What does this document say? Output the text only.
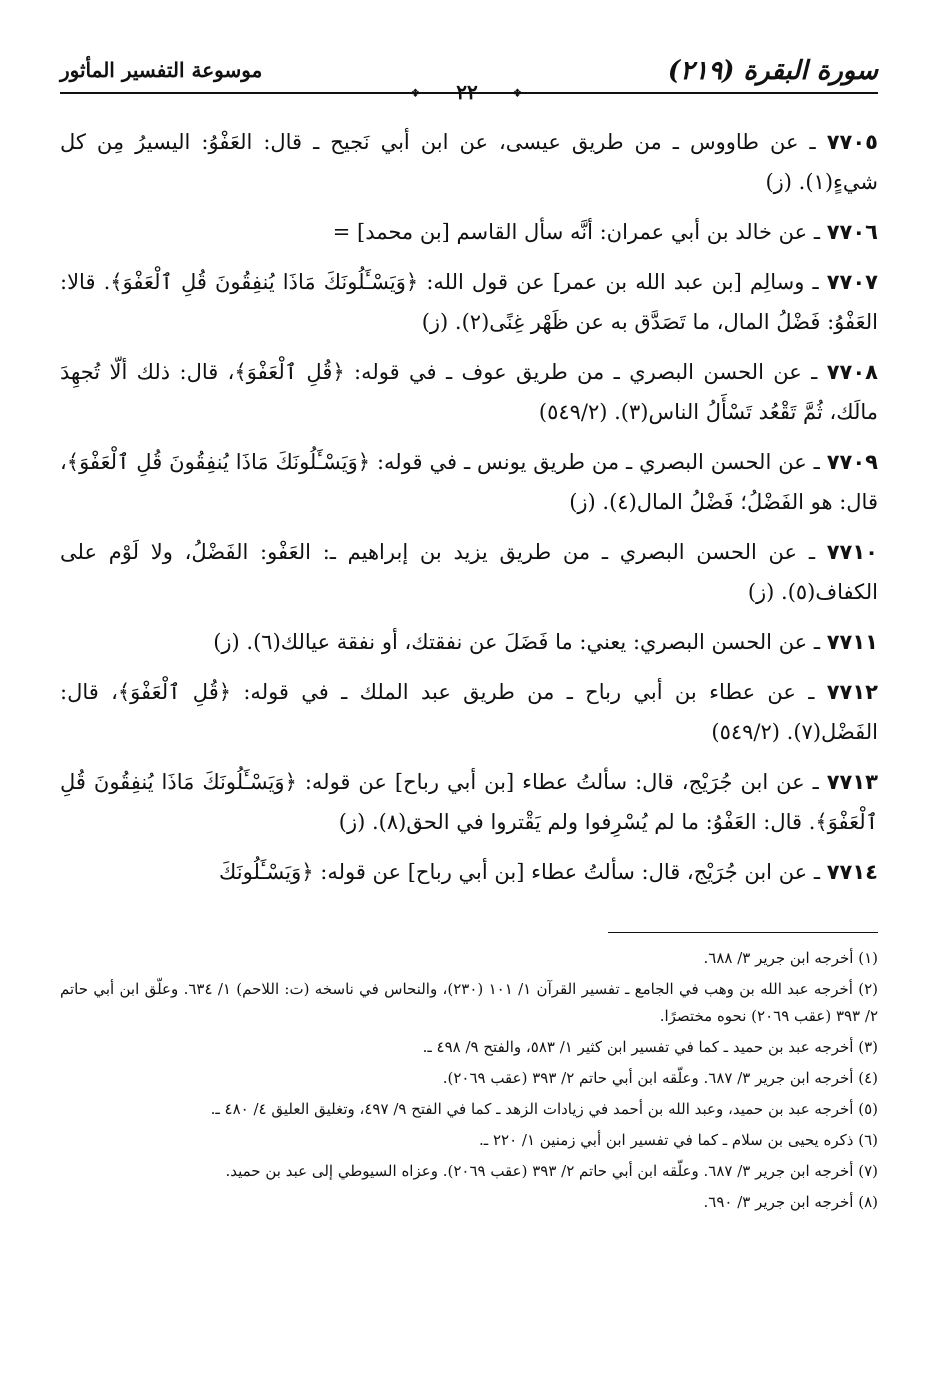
سورة البقرة (٢١٩)
موسوعة التفسير المأثور
❖	٢٢	❖
٧٧٠٥ ـ عن طاووس ـ من طريق عيسى، عن ابن أبي نَجيح ـ قال: العَفْوُ: اليسيرُ مِن كل شيءٍ(١). (ز)
٧٧٠٦ ـ عن خالد بن أبي عمران: أنَّه سأل القاسم [بن محمد] =
٧٧٠٧ ـ وسالِم [بن عبد الله بن عمر] عن قول الله: ﴿وَيَسْـَٔلُونَكَ مَاذَا يُنفِقُونَ قُلِ ٱلْعَفْوَ﴾. قالا: العَفْوُ: فَضْلُ المال، ما تَصَدَّق به عن ظَهْر غِنًى(٢). (ز)
٧٧٠٨ ـ عن الحسن البصري ـ من طريق عوف ـ في قوله: ﴿قُلِ ٱلْعَفْوَ﴾، قال: ذلك ألّا تُجهِدَ مالَك، ثُمَّ تَقْعُد تَسْأَلُ الناس(٣). (٥٤٩/٢)
٧٧٠٩ ـ عن الحسن البصري ـ من طريق يونس ـ في قوله: ﴿وَيَسْـَٔلُونَكَ مَاذَا يُنفِقُونَ قُلِ ٱلْعَفْوَ﴾، قال: هو الفَضْلُ؛ فَضْلُ المال(٤). (ز)
٧٧١٠ ـ عن الحسن البصري ـ من طريق يزيد بن إبراهيم ـ: العَفْو: الفَضْلُ، ولا لَوْم على الكفاف(٥). (ز)
٧٧١١ ـ عن الحسن البصري: يعني: ما فَضَلَ عن نفقتك، أو نفقة عيالك(٦). (ز)
٧٧١٢ ـ عن عطاء بن أبي رباح ـ من طريق عبد الملك ـ في قوله: ﴿قُلِ ٱلْعَفْوَ﴾، قال: الفَضْل(٧). (٥٤٩/٢)
٧٧١٣ ـ عن ابن جُرَيْج، قال: سألتُ عطاء [بن أبي رباح] عن قوله: ﴿وَيَسْـَٔلُونَكَ مَاذَا يُنفِقُونَ قُلِ ٱلْعَفْوَ﴾. قال: العَفْوُ: ما لم يُسْرِفوا ولم يَقْتروا في الحق(٨). (ز)
٧٧١٤ ـ عن ابن جُرَيْج، قال: سألتُ عطاء [بن أبي رباح] عن قوله: ﴿وَيَسْـَٔلُونَكَ
(١) أخرجه ابن جرير ٣/ ٦٨٨.
(٢) أخرجه عبد الله بن وهب في الجامع ـ تفسير القرآن ١/ ١٠١ (٢٣٠)، والنحاس في ناسخه (ت: اللاحم) ١/ ٦٣٤. وعلّق ابن أبي حاتم ٢/ ٣٩٣ (عقب ٢٠٦٩) نحوه مختصرًا.
(٣) أخرجه عبد بن حميد ـ كما في تفسير ابن كثير ١/ ٥٨٣، والفتح ٩/ ٤٩٨ ـ.
(٤) أخرجه ابن جرير ٣/ ٦٨٧. وعلّقه ابن أبي حاتم ٢/ ٣٩٣ (عقب ٢٠٦٩).
(٥) أخرجه عبد بن حميد، وعبد الله بن أحمد في زيادات الزهد ـ كما في الفتح ٩/ ٤٩٧، وتغليق العليق ٤/ ٤٨٠ ـ.
(٦) ذكره يحيى بن سلام ـ كما في تفسير ابن أبي زمنين ١/ ٢٢٠ ـ.
(٧) أخرجه ابن جرير ٣/ ٦٨٧. وعلّقه ابن أبي حاتم ٢/ ٣٩٣ (عقب ٢٠٦٩). وعزاه السيوطي إلى عبد بن حميد.
(٨) أخرجه ابن جرير ٣/ ٦٩٠.
